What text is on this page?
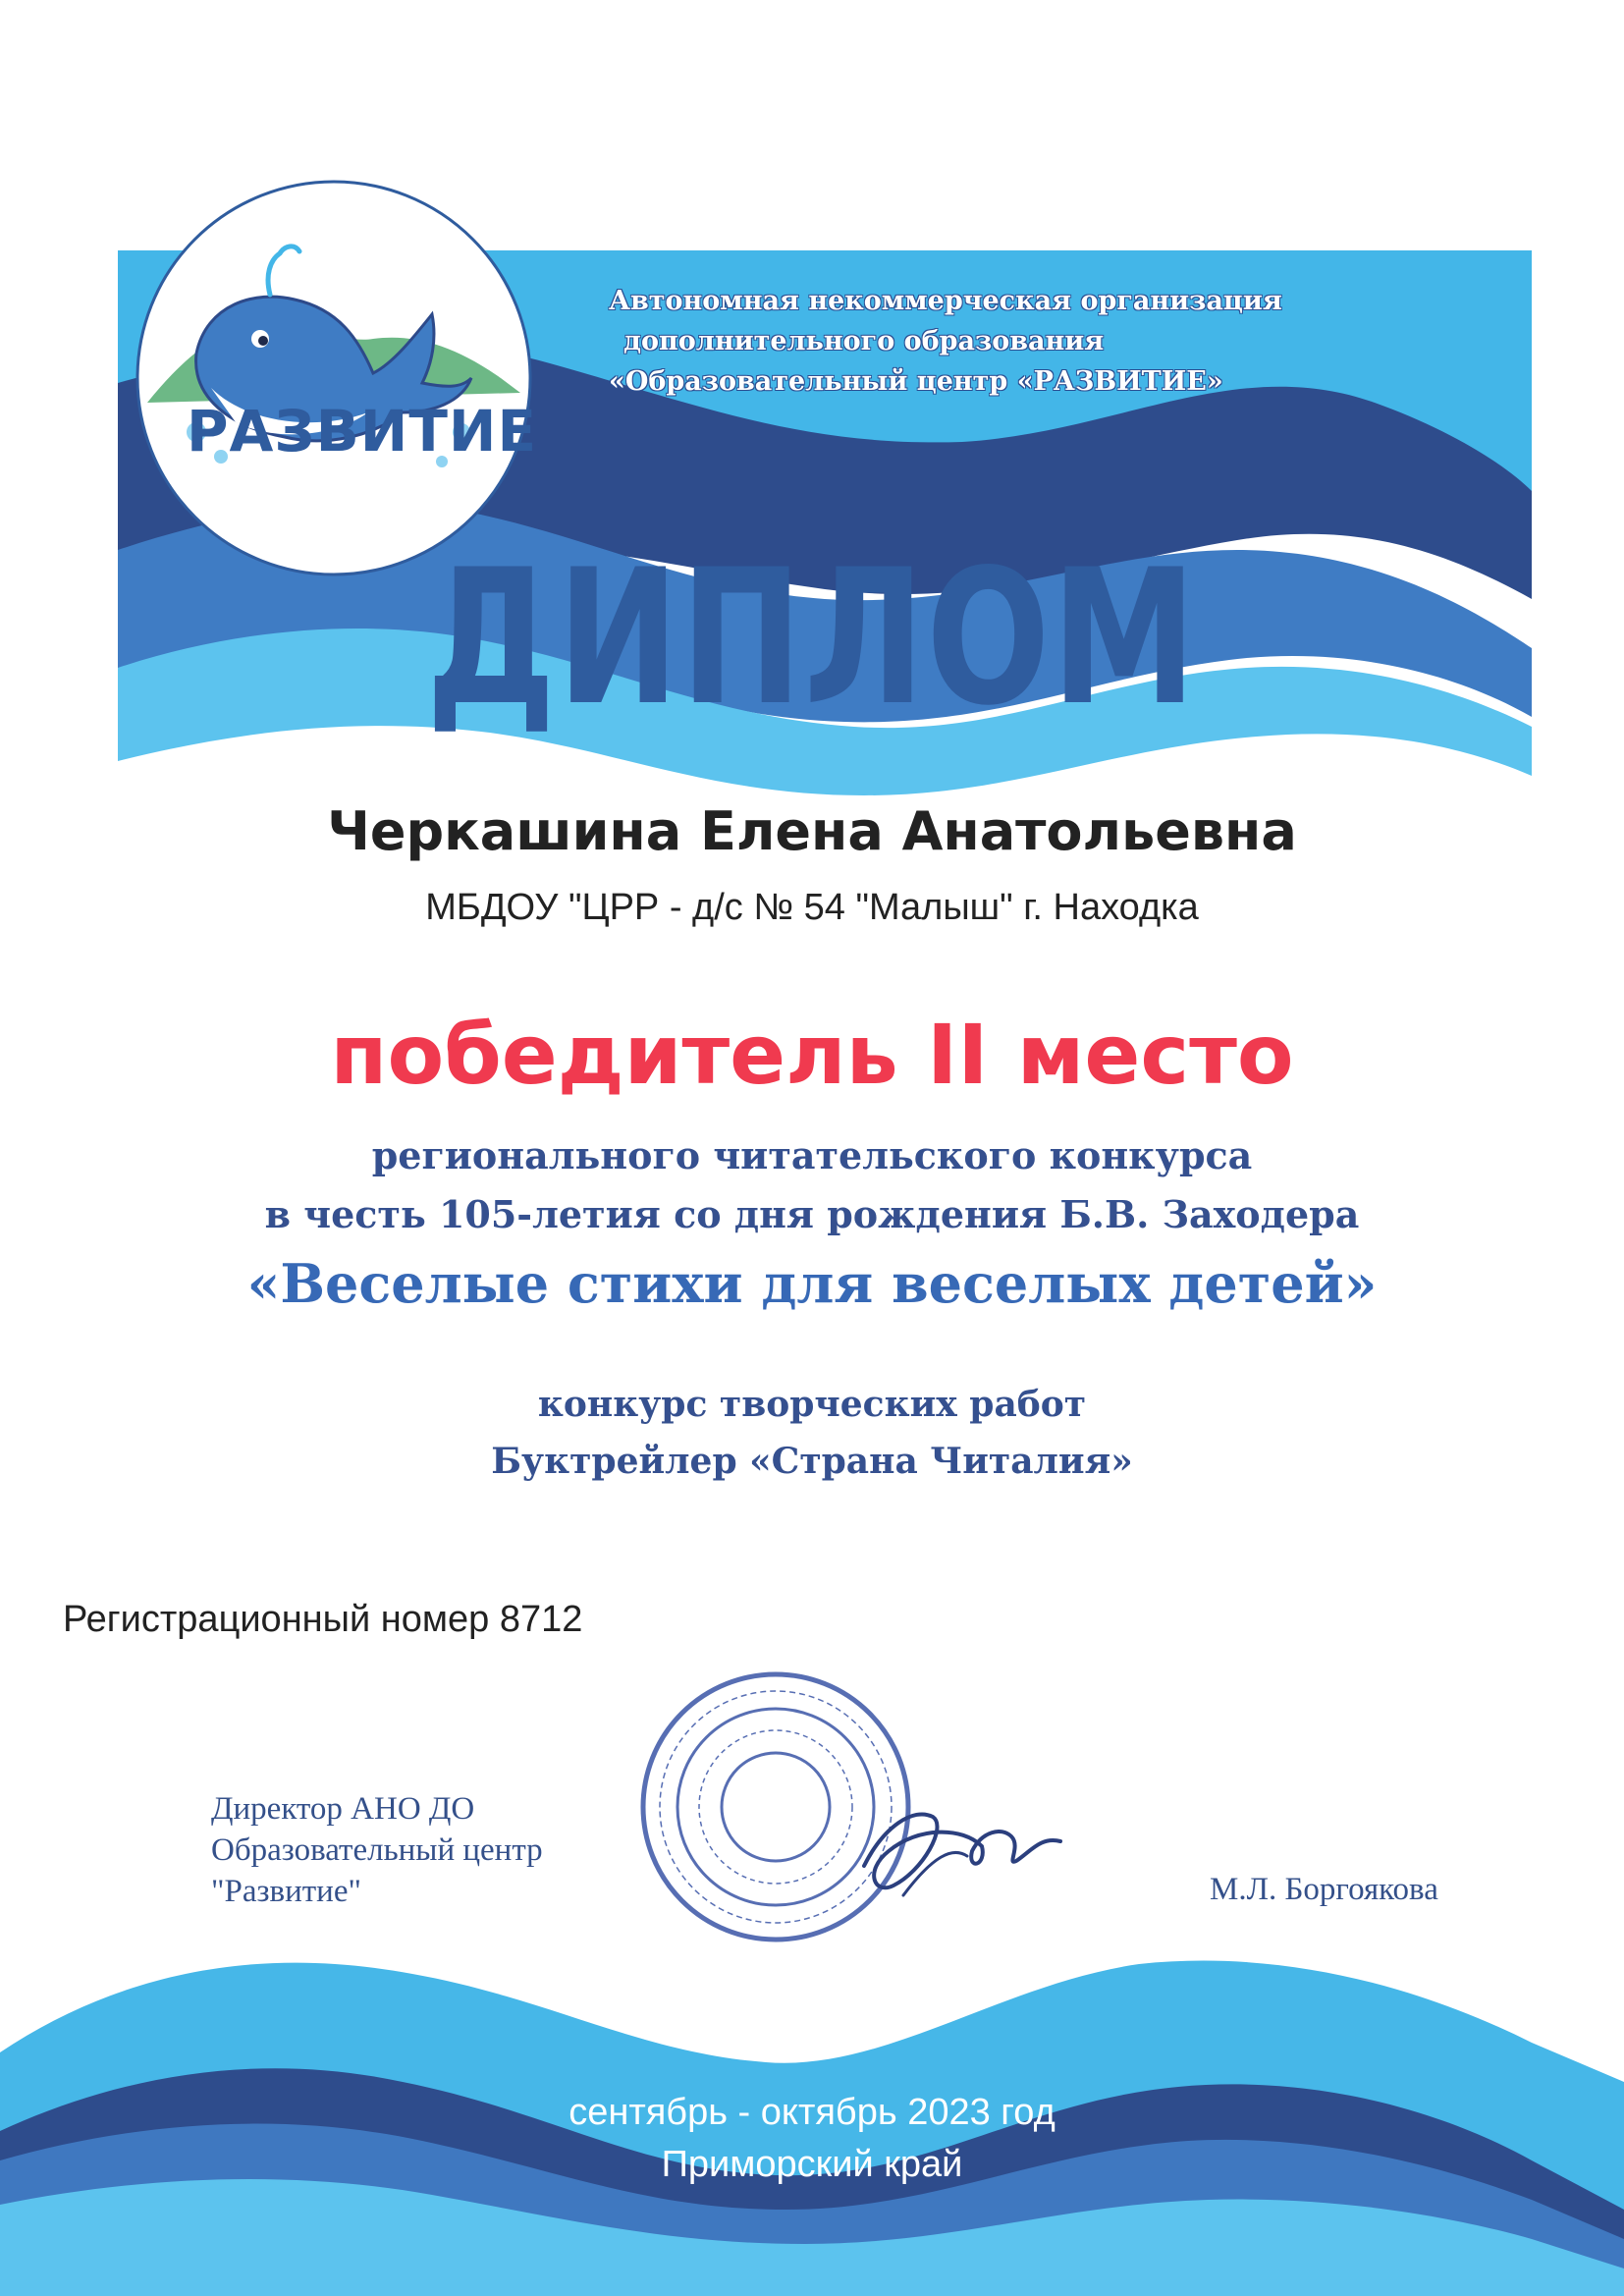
РАЗВИТИЕ
Автономная некоммерческая организация
дополнительного образования
«Образовательный центр «РАЗВИТИЕ»
ДИПЛОМ
Черкашина Елена Анатольевна
МБДОУ "ЦРР - д/с № 54 "Малыш" г. Находка
победитель II место
регионального читательского конкурса
в честь 105-летия со дня рождения Б.В. Заходера
«Веселые стихи для веселых детей»
конкурс творческих работ
Буктрейлер «Страна Читалия»
Регистрационный номер 8712
Директор АНО ДО
Образовательный центр
"Развитие"	М.Л. Боргоякова
сентябрь - октябрь 2023 год
Приморский край
